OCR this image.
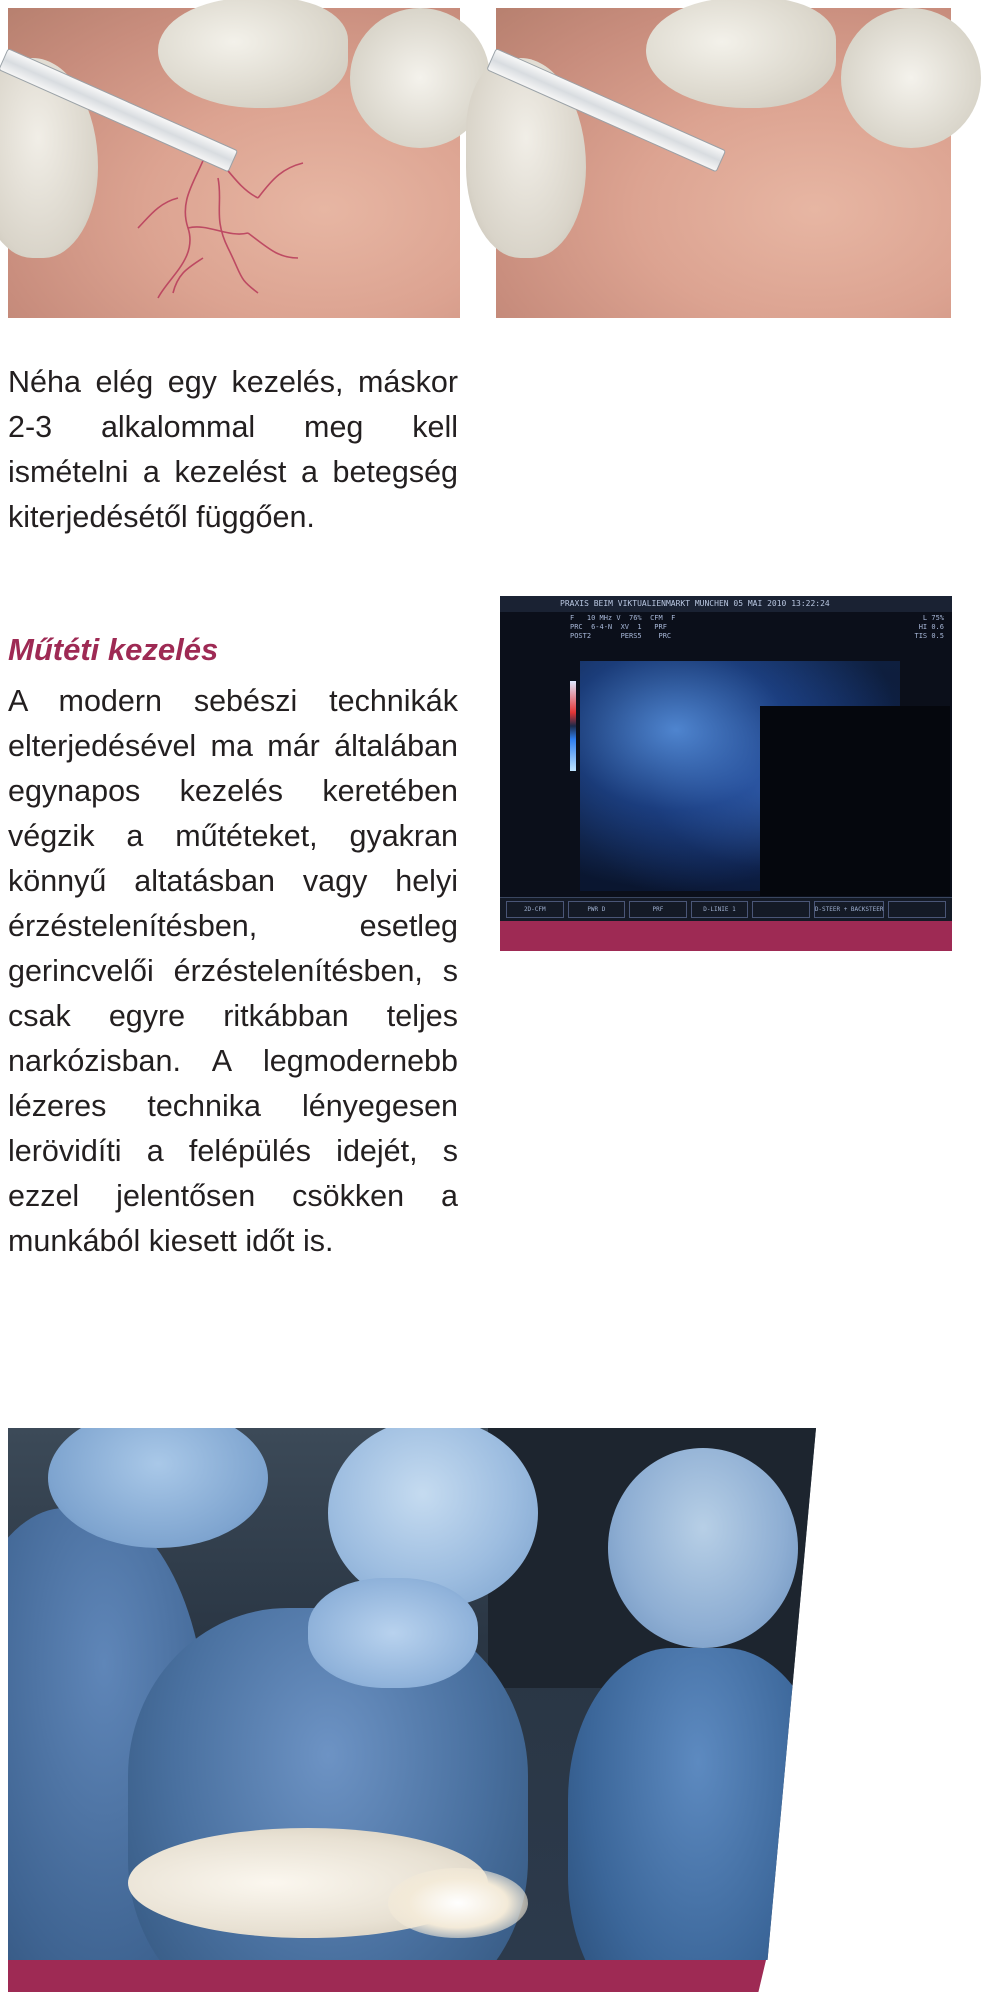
Néha elég egy kezelés, máskor 2-3 alkalommal meg kell ismételni a kezelést a betegség kiterjedésétől függően.

Műtéti kezelés

A modern sebészi technikák elterjedésével ma már általában egynapos kezelés keretében végzik a műtéteket, gyakran könnyű altatásban vagy helyi érzéstelenítésben, esetleg gerincvelői érzéstelenítésben, s csak egyre ritkábban teljes narkózisban. A legmodernebb lézeres technika lényegesen lerövidíti a felépülés idejét, s ezzel jelentősen csökken a munkából kiesett időt is.

PRAXIS BEIM VIKTUALIENMARKT MUNCHEN 05 MAI 2010 13:22:24
F   10 MHz V  76%  CFM  F
PRC  6-4-N  XV  1   PRF
POST2       PERS5    PRC

L 75%
HI 0.6
TIS 0.5
2D-CFM	PWR D	PRF	D-LINIE 1	D-STEER + BACKSTEER
